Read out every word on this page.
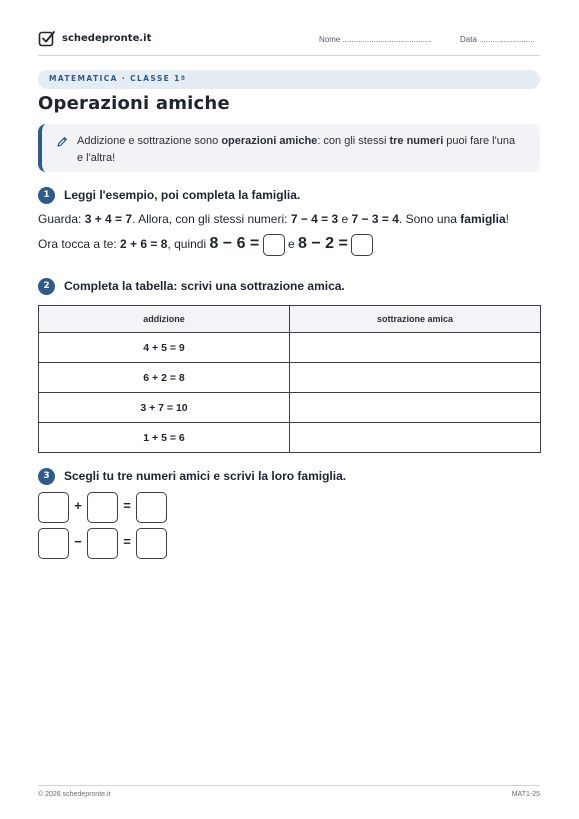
schedepronte.it	Nome ........................................	Data .........................
MATEMATICA · CLASSE 1ª
Operazioni amiche
Addizione e sottrazione sono operazioni amiche: con gli stessi tre numeri puoi fare l'una e l'altra!
1	Leggi l'esempio, poi completa la famiglia.
Guarda: 3 + 4 = 7. Allora, con gli stessi numeri: 7 − 4 = 3 e 7 − 3 = 4. Sono una famiglia!
Ora tocca a te: 2 + 6 = 8, quindi 8 − 6 = e 8 − 2 =
2	Completa la tabella: scrivi una sottrazione amica.
addizione	sottrazione amica
4 + 5 = 9	
6 + 2 = 8	
3 + 7 = 10	
1 + 5 = 6	
3	Scegli tu tre numeri amici e scrivi la loro famiglia.
+	=
−	=
© 2026 schedepronte.it	MAT1-25
